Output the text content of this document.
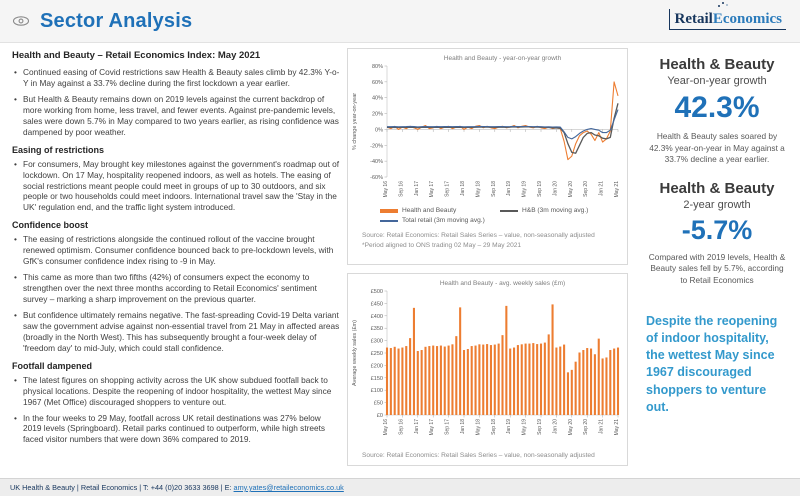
Sector Analysis	RetailEconomics
Health and Beauty – Retail Economics Index: May 2021
• Continued easing of Covid restrictions saw Health & Beauty sales climb by 42.3% Y-o-Y in May against a 33.7% decline during the first lockdown a year earlier.
• But Health & Beauty remains down on 2019 levels against the current backdrop of more working from home, less travel, and fewer events. Against pre-pandemic levels, sales were down 5.7% in May compared to two years earlier, as rising confidence was dampened by poor weather.
Easing of restrictions
• For consumers, May brought key milestones against the government's roadmap out of lockdown. On 17 May, hospitality reopened indoors, as well as hotels. The easing of social restrictions meant people could meet in groups of up to 30 outdoors, and six people or two households could meet indoors. International travel saw the 'Stay in the UK' regulation end, and the traffic light system introduced.
Confidence boost
• The easing of restrictions alongside the continued rollout of the vaccine brought renewed optimism. Consumer confidence bounced back to pre-lockdown levels, with GfK's consumer confidence index rising to -9 in May.
• This came as more than two fifths (42%) of consumers expect the economy to strengthen over the next three months according to Retail Economics' sentiment survey – marking a sharp improvement on the previous quarter.
• But confidence ultimately remains negative. The fast-spreading Covid-19 Delta variant saw the government advise against non-essential travel from 21 May in affected areas (broadly in the North West). This has subsequently brought a four-week delay of 'freedom day' to mid-July, which could stall confidence.
Footfall dampened
• The latest figures on shopping activity across the UK show subdued footfall back to physical locations. Despite the reopening of indoor hospitality, the wettest May since 1967 (Met Office) discouraged shoppers to venture out.
• In the four weeks to 29 May, footfall across UK retail destinations was 27% below 2019 levels (Springboard). Retail parks continued to outperform, while high streets faced visitor numbers that were down 36% compared to 2019.
Health and Beauty - year-on-year growth
% change year-on-year
80%
60%
40%
20%
0%
-20%
-40%
-60%
May 16 Sep 16 Jan 17 May 17 Sep 17 Jan 18 May 18 Sep 18 Jan 19 May 19 Sep 19 Jan 20 May 20 Sep 20 Jan 21 May 21
Health and Beauty	H&B (3m moving avg.)
Total retail (3m moving avg.)
Source: Retail Economics: Retail Sales Series – value, non-seasonally adjusted
*Period aligned to ONS trading 02 May – 29 May 2021
Health and Beauty - avg. weekly sales (£m)
Average weekly sales (£m)
£500
£450
£400
£350
£300
£250
£200
£150
£100
£50
£0
May 16 Sep 16 Jan 17 May 17 Sep 17 Jan 18 May 18 Sep 18 Jan 19 May 19 Sep 19 Jan 20 May 20 Sep 20 Jan 21 May 21
Source: Retail Economics: Retail Sales Series – value, non-seasonally adjusted
Health & Beauty
Year-on-year growth
42.3%

Health & Beauty sales soared by 42.3% year-on-year in May against a 33.7% decline a year earlier.

Health & Beauty
2-year growth
-5.7%

Compared with 2019 levels, Health & Beauty sales fell by 5.7%, according to Retail Economics

Despite the reopening of indoor hospitality, the wettest May since 1967 discouraged shoppers to venture out.

UK Health & Beauty | Retail Economics | T: +44 (0)20 3633 3698 | E: amy.yates@retaileconomics.co.uk
